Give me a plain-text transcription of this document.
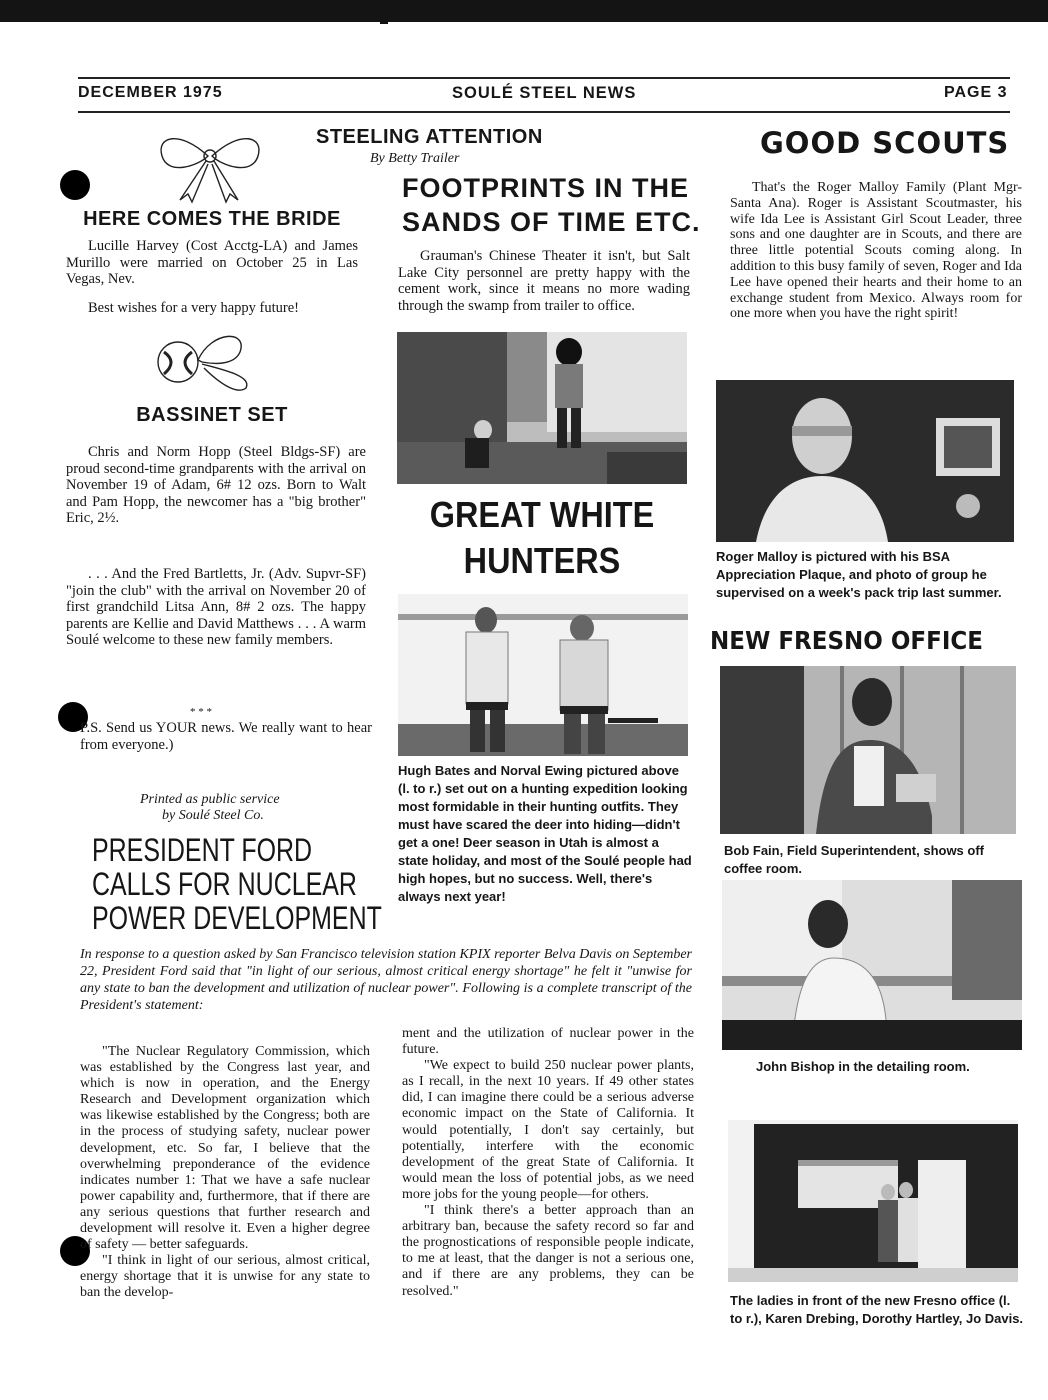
DECEMBER 1975	SOULÉ STEEL NEWS	PAGE 3
STEELING ATTENTION
By Betty Trailer
HERE COMES THE BRIDE
Lucille Harvey (Cost Acctg-LA) and James Murillo were married on October 25 in Las Vegas, Nev.
Best wishes for a very happy future!
BASSINET SET
Chris and Norm Hopp (Steel Bldgs-SF) are proud second-time grandparents with the arrival on November 19 of Adam, 6# 12 ozs. Born to Walt and Pam Hopp, the newcomer has a "big brother" Eric, 2½.
. . . And the Fred Bartletts, Jr. (Adv. Supvr-SF) "join the club" with the arrival on November 20 of first grandchild Litsa Ann, 8# 2 ozs. The happy parents are Kellie and David Matthews . . . A warm Soulé welcome to these new family members.
* * *
P.S. Send us YOUR news. We really want to hear from everyone.)
Printed as public service
by Soulé Steel Co.
PRESIDENT FORD
CALLS FOR NUCLEAR
POWER DEVELOPMENT
FOOTPRINTS IN THE
SANDS OF TIME ETC.
Grauman's Chinese Theater it isn't, but Salt Lake City personnel are pretty happy with the cement work, since it means no more wading through the swamp from trailer to office.
GREAT WHITE
HUNTERS
Hugh Bates and Norval Ewing pictured above (l. to r.) set out on a hunting expedition looking most formidable in their hunting outfits. They must have scared the deer into hiding—didn't get a one! Deer season in Utah is almost a state holiday, and most of the Soulé people had high hopes, but no success. Well, there's always next year!
GOOD SCOUTS
That's the Roger Malloy Family (Plant Mgr-Santa Ana). Roger is Assistant Scoutmaster, his wife Ida Lee is Assistant Girl Scout Leader, three sons and one daughter are in Scouts, and there are three little potential Scouts coming along. In addition to this busy family of seven, Roger and Ida Lee have opened their hearts and their home to an exchange student from Mexico. Always room for one more when you have the right spirit!
Roger Malloy is pictured with his BSA Appreciation Plaque, and photo of group he supervised on a week's pack trip last summer.
NEW FRESNO OFFICE
Bob Fain, Field Superintendent, shows off coffee room.
John Bishop in the detailing room.
The ladies in front of the new Fresno office (l. to r.), Karen Drebing, Dorothy Hartley, Jo Davis.
In response to a question asked by San Francisco television station KPIX reporter Belva Davis on September 22, President Ford said that "in light of our serious, almost critical energy shortage" he felt it "unwise for any state to ban the development and utilization of nuclear power". Following is a complete transcript of the President's statement:

"The Nuclear Regulatory Commission, which was established by the Congress last year, and which is now in operation, and the Energy Research and Development organization which was likewise established by the Congress; both are in the process of studying safety, nuclear power development, etc. So far, I believe that the overwhelming preponderance of the evidence indicates number 1: That we have a safe nuclear power capability and, furthermore, that if there are any serious questions that further research and development will resolve it. Even a higher degree of safety — better safeguards.

"I think in light of our serious, almost critical, energy shortage that it is unwise for any state to ban the develop-

ment and the utilization of nuclear power in the future.

"We expect to build 250 nuclear power plants, as I recall, in the next 10 years. If 49 other states did, I can imagine there could be a serious adverse economic impact on the State of California. It would potentially, I don't say certainly, but potentially, interfere with the economic development of the great State of California. It would mean the loss of potential jobs, as we need more jobs for the young people—for others.

"I think there's a better approach than an arbitrary ban, because the safety record so far and the prognostications of responsible people indicate, to me at least, that the danger is not a serious one, and if there are any problems, they can be resolved."
